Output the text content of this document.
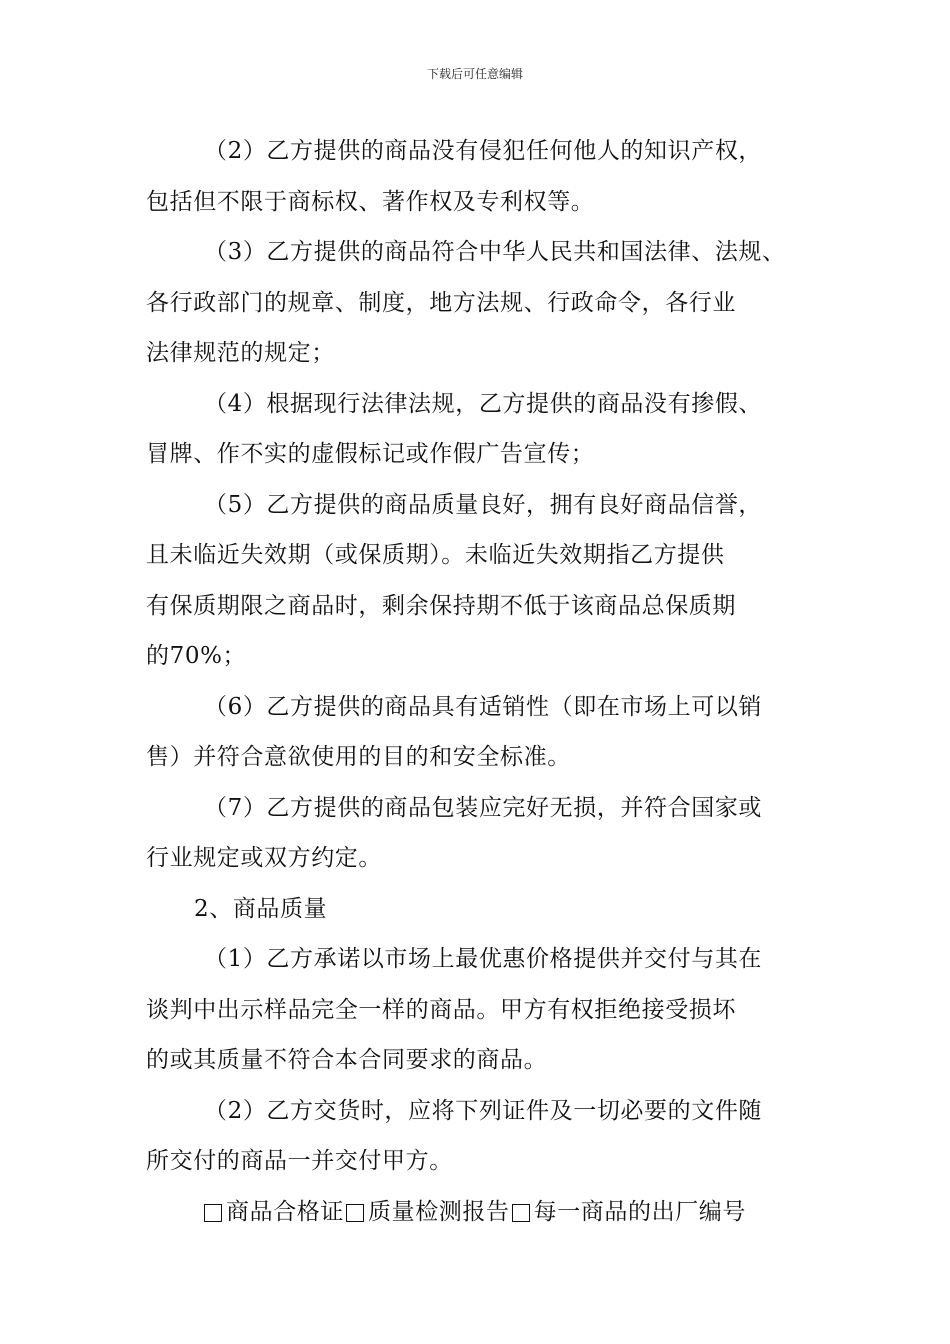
下载后可任意编辑
（2）乙方提供的商品没有侵犯任何他人的知识产权，
包括但不限于商标权、著作权及专利权等。
（3）乙方提供的商品符合中华人民共和国法律、法规、
各行政部门的规章、制度，地方法规、行政命令，各行业
法律规范的规定；
（4）根据现行法律法规，乙方提供的商品没有掺假、
冒牌、作不实的虚假标记或作假广告宣传；
（5）乙方提供的商品质量良好，拥有良好商品信誉，
且未临近失效期（或保质期）。未临近失效期指乙方提供
有保质期限之商品时，剩余保持期不低于该商品总保质期
的70%；
（6）乙方提供的商品具有适销性（即在市场上可以销
售）并符合意欲使用的目的和安全标准。
（7）乙方提供的商品包装应完好无损，并符合国家或
行业规定或双方约定。
2、商品质量
（1）乙方承诺以市场上最优惠价格提供并交付与其在
谈判中出示样品完全一样的商品。甲方有权拒绝接受损坏
的或其质量不符合本合同要求的商品。
（2）乙方交货时，应将下列证件及一切必要的文件随
所交付的商品一并交付甲方。
商品合格证 质量检测报告 每一商品的出厂编号
